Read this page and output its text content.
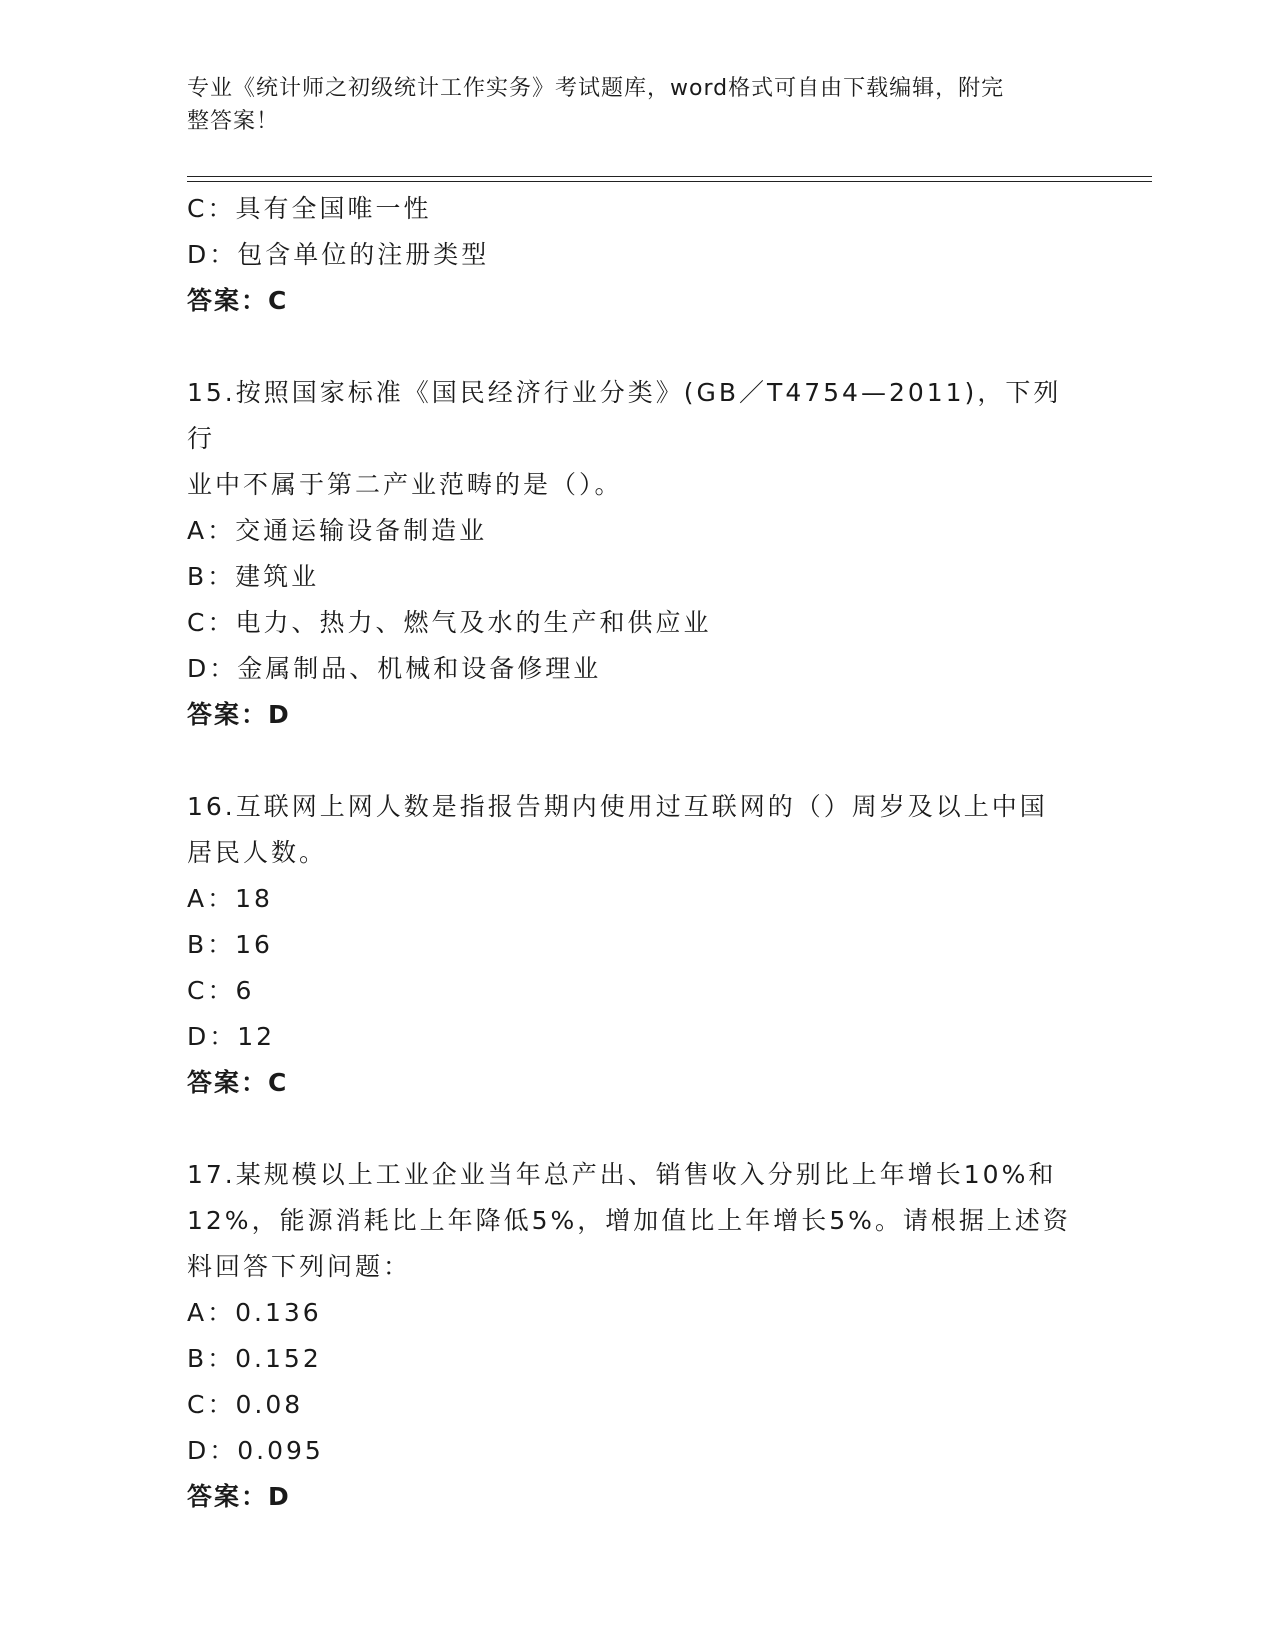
专业《统计师之初级统计工作实务》考试题库，word格式可自由下载编辑，附完
整答案！
C：具有全国唯一性
D：包含单位的注册类型
答案：C
15.按照国家标准《国民经济行业分类》(GB／T4754—2011)，下列行
业中不属于第二产业范畴的是（）。
A：交通运输设备制造业
B：建筑业
C：电力、热力、燃气及水的生产和供应业
D：金属制品、机械和设备修理业
答案：D
16.互联网上网人数是指报告期内使用过互联网的（）周岁及以上中国
居民人数。
A：18
B：16
C：6
D：12
答案：C
17.某规模以上工业企业当年总产出、销售收入分别比上年增长10%和
12%，能源消耗比上年降低5%，增加值比上年增长5%。请根据上述资
料回答下列问题：
A：0.136
B：0.152
C：0.08
D：0.095
答案：D
